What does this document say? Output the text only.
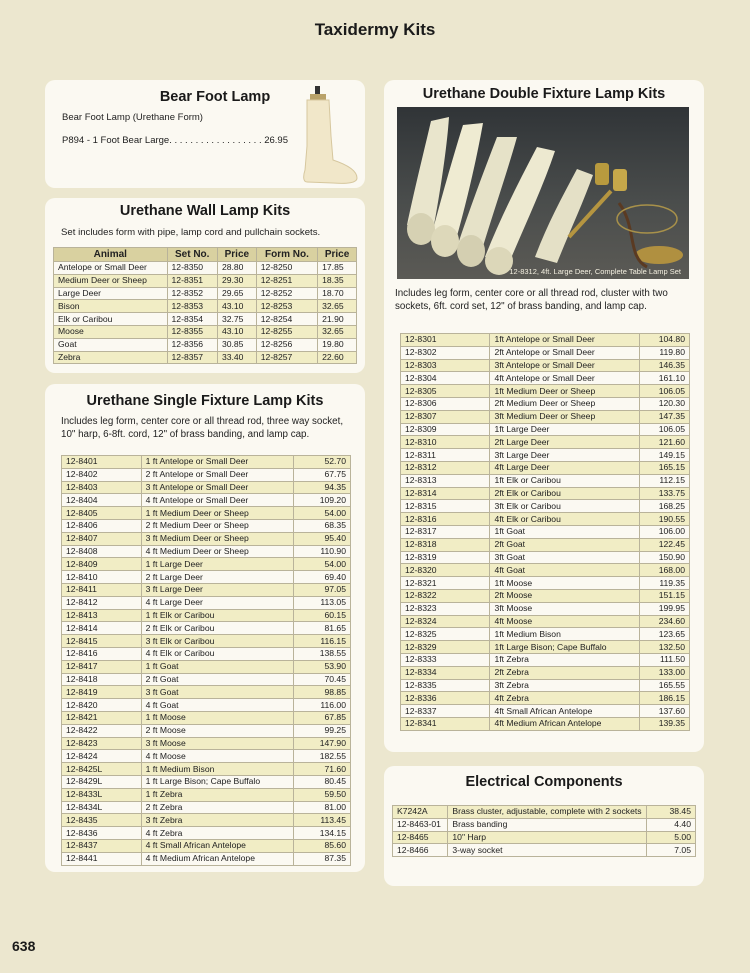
Taxidermy Kits
Bear Foot Lamp
Bear Foot Lamp (Urethane Form)
P894 - 1 Foot Bear Large. . . . . . . . . . . . . . . . . . 26.95
Urethane Wall Lamp Kits
Set includes form with pipe, lamp cord and pullchain sockets.
Animal	Set No.	Price	Form No.	Price
Antelope or Small Deer	12-8350	28.80	12-8250	17.85
Medium Deer or Sheep	12-8351	29.30	12-8251	18.35
Large Deer	12-8352	29.65	12-8252	18.70
Bison	12-8353	43.10	12-8253	32.65
Elk or Caribou	12-8354	32.75	12-8254	21.90
Moose	12-8355	43.10	12-8255	32.65
Goat	12-8356	30.85	12-8256	19.80
Zebra	12-8357	33.40	12-8257	22.60
Urethane Single Fixture Lamp Kits
Includes leg form, center core or all thread rod, three way socket, 10" harp, 6-8ft. cord, 12" of brass banding, and lamp cap.
12-8401	1 ft Antelope or Small Deer	52.70
12-8402	2 ft Antelope or Small Deer	67.75
12-8403	3 ft Antelope or Small Deer	94.35
12-8404	4 ft Antelope or Small Deer	109.20
12-8405	1 ft Medium Deer or Sheep	54.00
12-8406	2 ft Medium Deer or Sheep	68.35
12-8407	3 ft Medium Deer or Sheep	95.40
12-8408	4 ft Medium Deer or Sheep	110.90
12-8409	1 ft Large Deer	54.00
12-8410	2 ft Large Deer	69.40
12-8411	3 ft Large Deer	97.05
12-8412	4 ft Large Deer	113.05
12-8413	1 ft Elk or Caribou	60.15
12-8414	2 ft Elk or Caribou	81.65
12-8415	3 ft Elk or Caribou	116.15
12-8416	4 ft Elk or Caribou	138.55
12-8417	1 ft Goat	53.90
12-8418	2 ft Goat	70.45
12-8419	3 ft Goat	98.85
12-8420	4 ft Goat	116.00
12-8421	1 ft Moose	67.85
12-8422	2 ft Moose	99.25
12-8423	3 ft Moose	147.90
12-8424	4 ft Moose	182.55
12-8425L	1 ft Medium Bison	71.60
12-8429L	1 ft Large Bison; Cape Buffalo	80.45
12-8433L	1 ft Zebra	59.50
12-8434L	2 ft Zebra	81.00
12-8435	3 ft Zebra	113.45
12-8436	4 ft Zebra	134.15
12-8437	4 ft Small African Antelope	85.60
12-8441	4 ft Medium African Antelope	87.35
Urethane Double Fixture Lamp Kits
12-8312, 4ft. Large Deer, Complete Table Lamp Set
Includes leg form, center core or all thread rod, cluster with two sockets, 6ft. cord set, 12" of brass banding, and lamp cap.
12-8301	1ft Antelope or Small Deer	104.80
12-8302	2ft Antelope or Small Deer	119.80
12-8303	3ft Antelope or Small Deer	146.35
12-8304	4ft Antelope or Small Deer	161.10
12-8305	1ft Medium Deer or Sheep	106.05
12-8306	2ft Medium Deer or Sheep	120.30
12-8307	3ft Medium Deer or Sheep	147.35
12-8309	1ft Large Deer	106.05
12-8310	2ft Large Deer	121.60
12-8311	3ft Large Deer	149.15
12-8312	4ft Large Deer	165.15
12-8313	1ft Elk or Caribou	112.15
12-8314	2ft Elk or Caribou	133.75
12-8315	3ft Elk or Caribou	168.25
12-8316	4ft Elk or Caribou	190.55
12-8317	1ft Goat	106.00
12-8318	2ft Goat	122.45
12-8319	3ft Goat	150.90
12-8320	4ft Goat	168.00
12-8321	1ft Moose	119.35
12-8322	2ft Moose	151.15
12-8323	3ft Moose	199.95
12-8324	4ft Moose	234.60
12-8325	1ft Medium Bison	123.65
12-8329	1ft Large Bison; Cape Buffalo	132.50
12-8333	1ft Zebra	111.50
12-8334	2ft Zebra	133.00
12-8335	3ft Zebra	165.55
12-8336	4ft Zebra	186.15
12-8337	4ft Small African Antelope	137.60
12-8341	4ft Medium African Antelope	139.35
Electrical Components
K7242A	Brass cluster, adjustable, complete with 2 sockets	38.45
12-8463-01	Brass banding	4.40
12-8465	10" Harp	5.00
12-8466	3-way socket	7.05
638
